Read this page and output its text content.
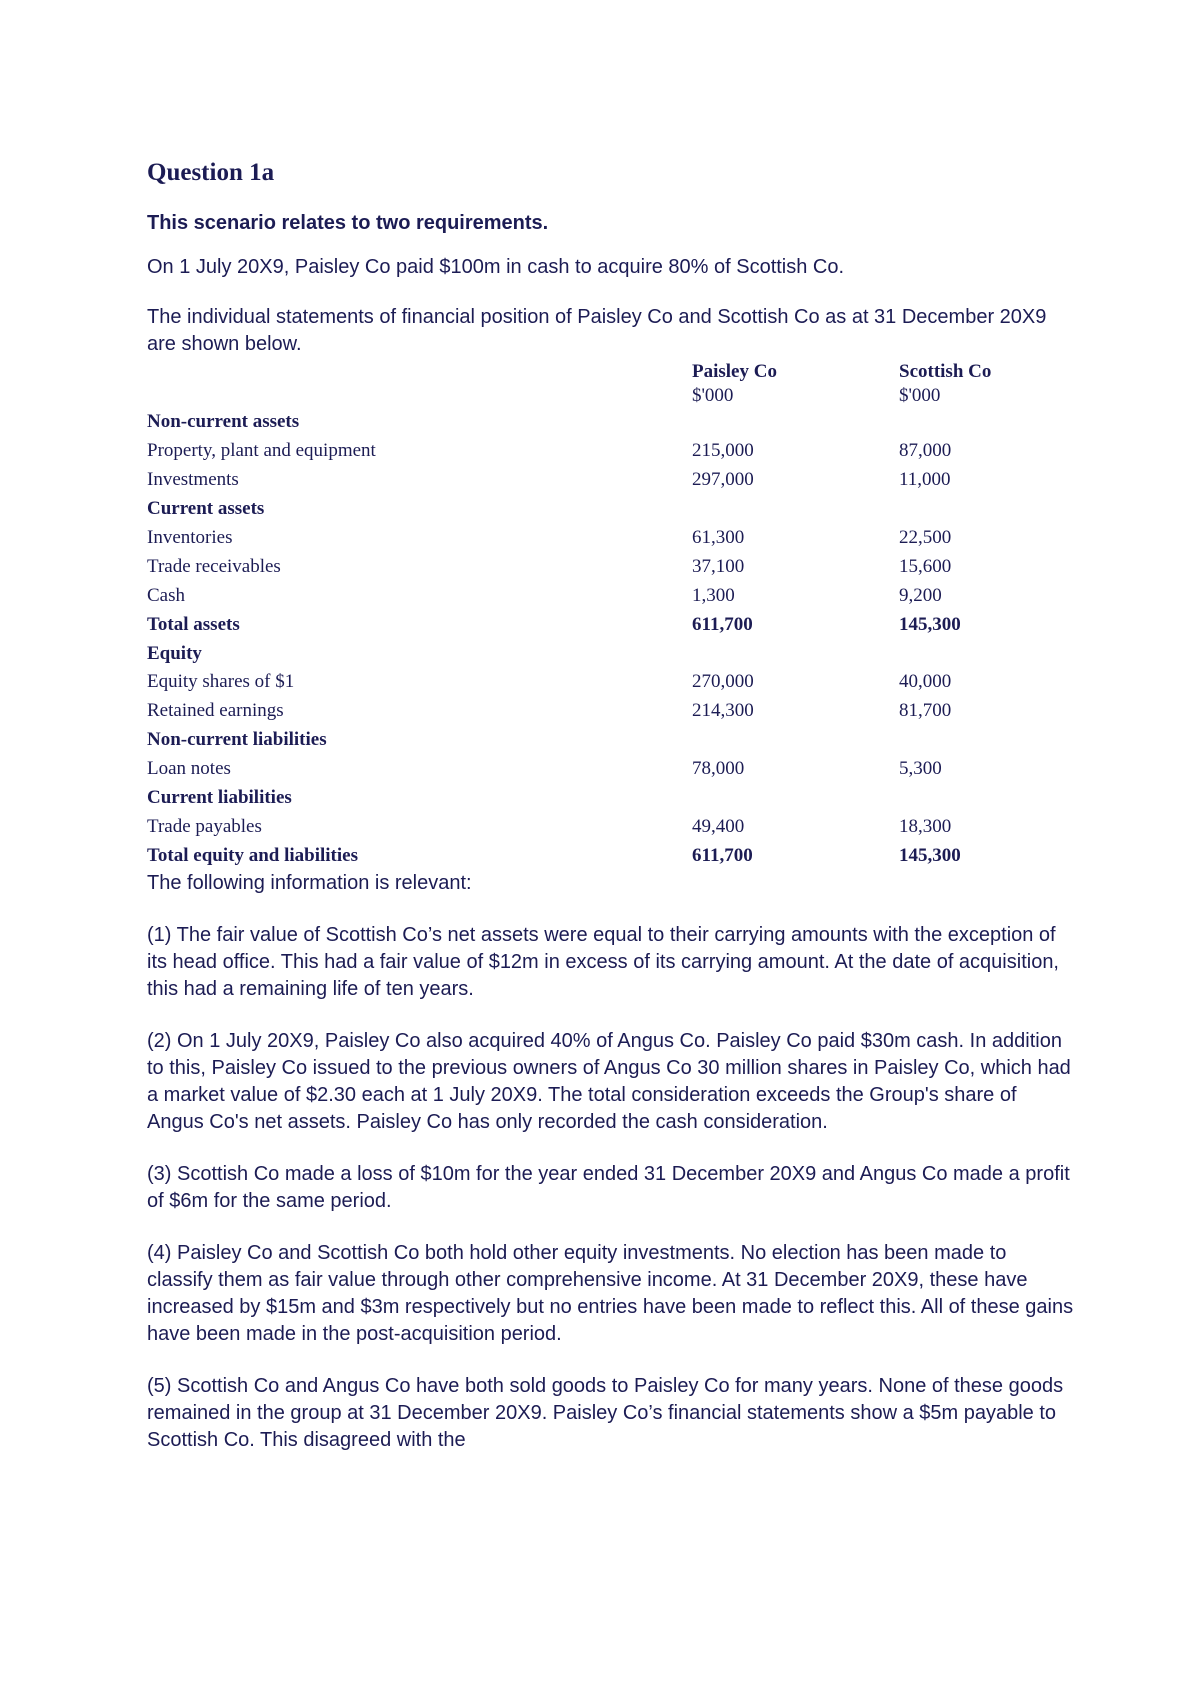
Question 1a

This scenario relates to two requirements.

On 1 July 20X9, Paisley Co paid $100m in cash to acquire 80% of Scottish Co.

The individual statements of financial position of Paisley Co and Scottish Co as at 31 December 20X9 are shown below.

	Paisley Co	Scottish Co
	$'000	$'000
Non-current assets		
Property, plant and equipment	215,000	87,000
Investments	297,000	11,000
Current assets		
Inventories	61,300	22,500
Trade receivables	37,100	15,600
Cash	1,300	9,200
Total assets	611,700	145,300
Equity		
Equity shares of $1	270,000	40,000
Retained earnings	214,300	81,700
Non-current liabilities		
Loan notes	78,000	5,300
Current liabilities		
Trade payables	49,400	18,300
Total equity and liabilities	611,700	145,300

The following information is relevant:

(1) The fair value of Scottish Co’s net assets were equal to their carrying amounts with the exception of its head office. This had a fair value of $12m in excess of its carrying amount. At the date of acquisition, this had a remaining life of ten years.

(2) On 1 July 20X9, Paisley Co also acquired 40% of Angus Co. Paisley Co paid $30m cash. In addition to this, Paisley Co issued to the previous owners of Angus Co 30 million shares in Paisley Co, which had a market value of $2.30 each at 1 July 20X9. The total consideration exceeds the Group's share of Angus Co's net assets. Paisley Co has only recorded the cash consideration.

(3) Scottish Co made a loss of $10m for the year ended 31 December 20X9 and Angus Co made a profit of $6m for the same period.

(4) Paisley Co and Scottish Co both hold other equity investments. No election has been made to classify them as fair value through other comprehensive income. At 31 December 20X9, these have increased by $15m and $3m respectively but no entries have been made to reflect this. All of these gains have been made in the post-acquisition period.

(5) Scottish Co and Angus Co have both sold goods to Paisley Co for many years. None of these goods remained in the group at 31 December 20X9. Paisley Co’s financial statements show a $5m payable to Scottish Co. This disagreed with the
